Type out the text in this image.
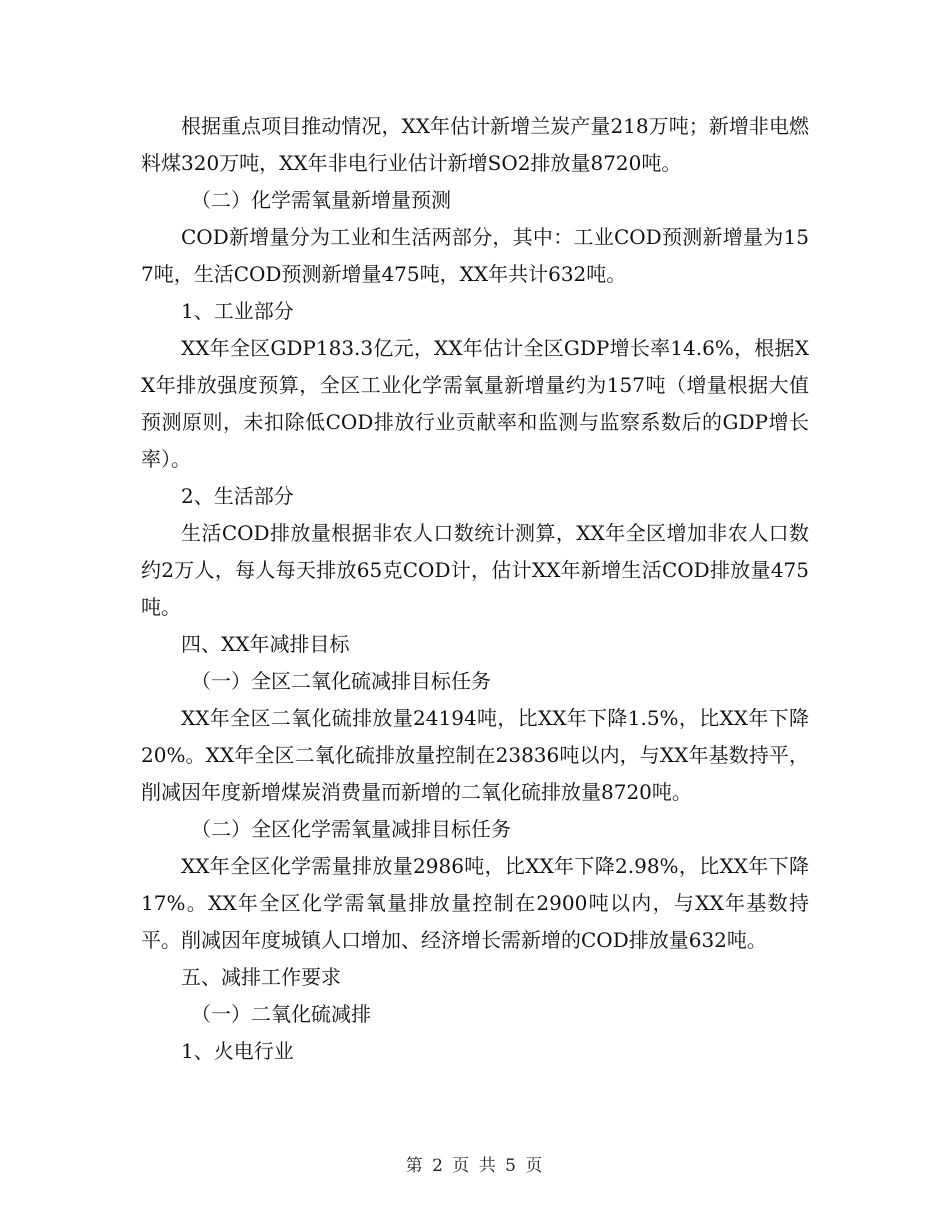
根据重点项目推动情况，XX年估计新增兰炭产量218万吨；新增非电燃料煤320万吨，XX年非电行业估计新增SO2排放量8720吨。

（二）化学需氧量新增量预测

COD新增量分为工业和生活两部分，其中：工业COD预测新增量为157吨，生活COD预测新增量475吨，XX年共计632吨。

1、工业部分

XX年全区GDP183.3亿元，XX年估计全区GDP增长率14.6%，根据XX年排放强度预算，全区工业化学需氧量新增量约为157吨（增量根据大值预测原则，未扣除低COD排放行业贡献率和监测与监察系数后的GDP增长率）。

2、生活部分

生活COD排放量根据非农人口数统计测算，XX年全区增加非农人口数约2万人，每人每天排放65克COD计，估计XX年新增生活COD排放量475吨。

四、XX年减排目标

（一）全区二氧化硫减排目标任务

XX年全区二氧化硫排放量24194吨，比XX年下降1.5%，比XX年下降20%。XX年全区二氧化硫排放量控制在23836吨以内，与XX年基数持平，削减因年度新增煤炭消费量而新增的二氧化硫排放量8720吨。

（二）全区化学需氧量减排目标任务

XX年全区化学需量排放量2986吨，比XX年下降2.98%，比XX年下降17%。XX年全区化学需氧量排放量控制在2900吨以内，与XX年基数持平。削减因年度城镇人口增加、经济增长需新增的COD排放量632吨。

五、减排工作要求

（一）二氧化硫减排

1、火电行业

第 2 页 共 5 页
